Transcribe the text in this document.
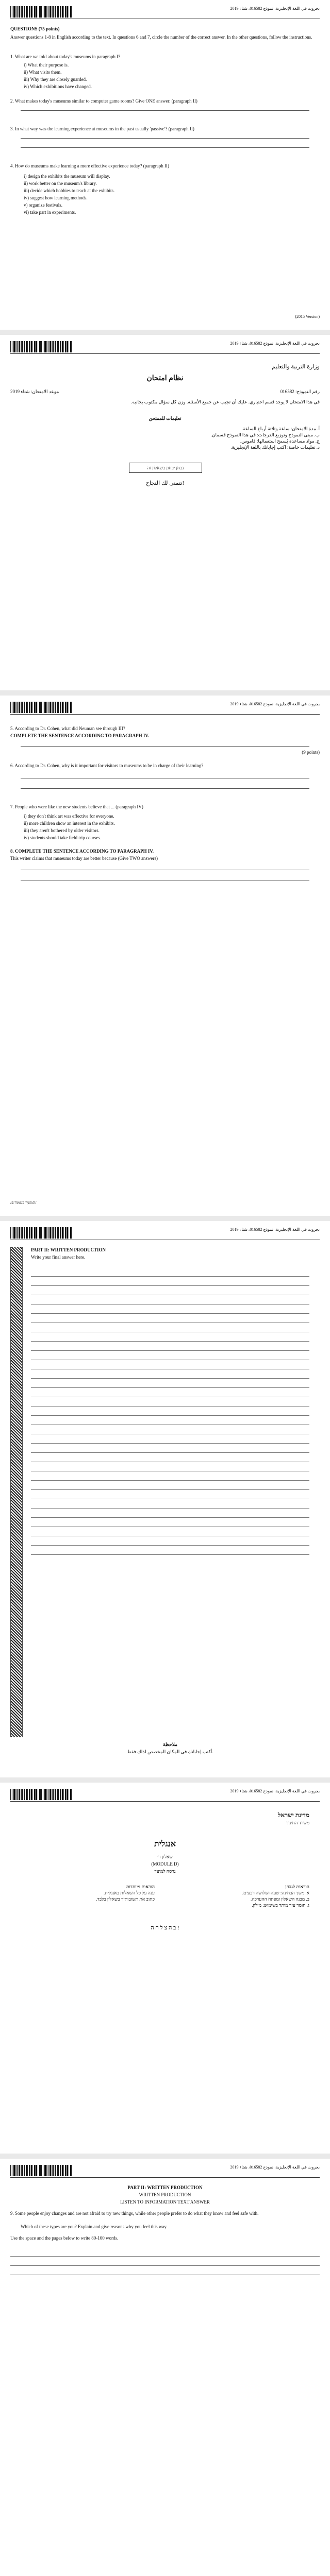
بجروت في اللغة الإنجليزية، نموذج 016582، شتاء 2019
QUESTIONS (75 points)
Answer questions 1-8 in English according to the text. In questions 6 and 7, circle the number of the correct answer. In the other questions, follow the instructions.
1. What are we told about today's museums in paragraph I?
i) What their purpose is.
ii) What visits them.
iii) Why they are closely guarded.
iv) Which exhibitions have changed.
2. What makes today's museums similar to computer game rooms? Give ONE answer. (paragraph II)
3. In what way was the learning experience at museums in the past usually 'passive'? (paragraph II)
4. How do museums make learning a more effective experience today? (paragraph II)
i) design the exhibits the museum will display.
ii) work better on the museum's library.
iii) decide which hobbies to teach at the exhibits.
iv) suggest how learning methods.
v) organize festivals.
vi) take part in experiments.
(2015 Version)
بجروت في اللغة الإنجليزية، نموذج 016582، شتاء 2019
وزارة التربية والتعليم
نظام امتحان
رقم النموذج: 016582
موعد الامتحان: شتاء 2019
في هذا الامتحان لا يوجد قسم اختياري. عليك أن تجيب عن جميع الأسئلة. وزن كل سؤال مكتوب بجانبه.
تعليمات للممتحن
أ. مدة الامتحان: ساعة وثلاثة أرباع الساعة.
ب. مبنى النموذج وتوزيع الدرجات: في هذا النموذج قسمان.
ج. مواد مساعدة يُسمح استعمالها: قاموس.
د. تعليمات خاصة: اكتب إجاباتك باللغة الإنجليزية.
נבחן יבחון בשאלון זה
نتمنى لك النجاح!
بجروت في اللغة الإنجليزية، نموذج 016582، شتاء 2019
5. According to Dr. Cohen, what did Neuman see through III?
COMPLETE THE SENTENCE ACCORDING TO PARAGRAPH IV.
(9 points)
6. According to Dr. Cohen, why is it important for visitors to museums to be in charge of their learning?
7. People who were like the new students believe that ... (paragraph IV)
i) they don't think art was effective for everyone.
ii) more children show an interest in the exhibits.
iii) they aren't bothered by older visitors.
iv) students should take field trip courses.
8. COMPLETE THE SENTENCE ACCORDING TO PARAGRAPH IV.
This writer claims that museums today are better because (Give TWO answers)
/המשך בעמוד 4/
بجروت في اللغة الإنجليزية، نموذج 016582، شتاء 2019
PART II: WRITTEN PRODUCTION
Write your final answer here.
ملاحظة
أكتب إجاباتك في المكان المخصص لذلك فقط.
بجروت في اللغة الإنجليزية، نموذج 016582، شتاء 2019
מדינת ישראל
משרד החינוך
אנגלית
שאלון ד׳
(MODULE D)
גרסה למועד
הוראות לנבחן
א. משך הבחינה: שעה ושלושה רבעים.
ב. מבנה השאלון ומפתח ההערכה.
ג. חומר עזר מותר בשימוש: מילון.
הוראות מיוחדות
ענה על כל השאלות באנגלית.
כתוב את תשובותיך בשאלון בלבד.
ב ה צ ל ח ה !
بجروت في اللغة الإنجليزية، نموذج 016582، شتاء 2019
PART II: WRITTEN PRODUCTION
WRITTEN PRODUCTION
LISTEN TO INFORMATION TEXT ANSWER
9. Some people enjoy changes and are not afraid to try new things, while other people prefer to do what they know and feel safe with.
Which of these types are you? Explain and give reasons why you feel this way.
Use the space and the pages below to write 80-100 words.
